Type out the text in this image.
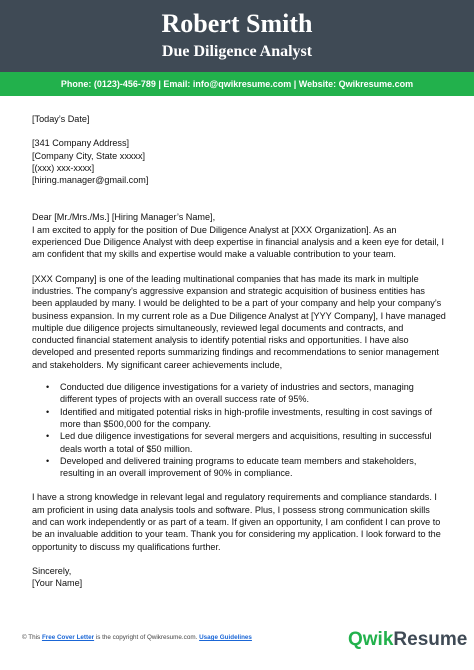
Robert Smith
Due Diligence Analyst
Phone: (0123)-456-789 | Email: info@qwikresume.com | Website: Qwikresume.com

[Today’s Date]

[341 Company Address]

[Company City, State xxxxx]

[(xxx) xxx-xxxx]

[hiring.manager@gmail.com]

Dear [Mr./Mrs./Ms.] [Hiring Manager’s Name],

I am excited to apply for the position of Due Diligence Analyst at [XXX Organization]. As an experienced Due Diligence Analyst with deep expertise in financial analysis and a keen eye for detail, I am confident that my skills and expertise would make a valuable contribution to your team.

[XXX Company] is one of the leading multinational companies that has made its mark in multiple industries. The company’s aggressive expansion and strategic acquisition of business entities has been applauded by many. I would be delighted to be a part of your company and help your company’s business expansion. In my current role as a Due Diligence Analyst at [YYY Company], I have managed multiple due diligence projects simultaneously, reviewed legal documents and contracts, and conducted financial statement analysis to identify potential risks and opportunities. I have also developed and presented reports summarizing findings and recommendations to senior management and stakeholders. My significant career achievements include,

• Conducted due diligence investigations for a variety of industries and sectors, managing different types of projects with an overall success rate of 95%.
• Identified and mitigated potential risks in high-profile investments, resulting in cost savings of more than $500,000 for the company.
• Led due diligence investigations for several mergers and acquisitions, resulting in successful deals worth a total of $50 million.
• Developed and delivered training programs to educate team members and stakeholders, resulting in an overall improvement of 90% in compliance.

I have a strong knowledge in relevant legal and regulatory requirements and compliance standards. I am proficient in using data analysis tools and software. Plus, I possess strong communication skills and can work independently or as part of a team. If given an opportunity, I am confident I can prove to be an invaluable addition to your team. Thank you for considering my application. I look forward to the opportunity to discuss my qualifications further.

Sincerely,

[Your Name]

© This Free Cover Letter is the copyright of Qwikresume.com. Usage Guidelines	QwikResume
